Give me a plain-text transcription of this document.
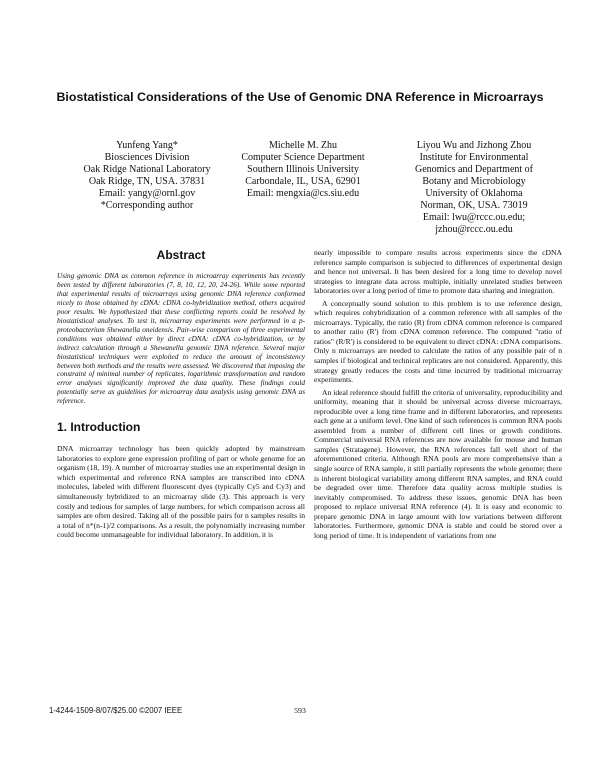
Biostatistical Considerations of the Use of Genomic DNA Reference in Microarrays
Yunfeng Yang*
Biosciences Division
Oak Ridge National Laboratory
Oak Ridge, TN, USA. 37831
Email: yangy@ornl.gov
*Corresponding author
Michelle M. Zhu
Computer Science Department
Southern Illinois University
Carbondale, IL, USA, 62901
Email: mengxia@cs.siu.edu
Liyou Wu and Jizhong Zhou
Institute for Environmental
Genomics and Department of
Botany and Microbiology
University of Oklahoma
Norman, OK, USA. 73019
Email: lwu@rccc.ou.edu;
jzhou@rccc.ou.edu
Abstract

Using genomic DNA as common reference in microarray experiments has recently been tested by different laboratories (7, 8, 10, 12, 20, 24-26). While some reported that experimental results of microarrays using genomic DNA reference conformed nicely to those obtained by cDNA: cDNA co-hybridization method, others acquired poor results. We hypothesized that these conflicting reports could be resolved by biostatistical analyses. To test it, microarray experiments were performed in a p-proteobacterium Shewanella oneidensis. Pair-wise comparison of three experimental conditions was obtained either by direct cDNA: cDNA co-hybridization, or by indirect calculation through a Shewanella genomic DNA reference. Several major biostatistical techniques were exploited to reduce the amount of inconsistency between both methods and the results were assessed. We discovered that imposing the constraint of minimal number of replicates, logarithmic transformation and random error analyses significantly improved the data quality. These findings could potentially serve as guidelines for microarray data analysis using genomic DNA as reference.

1. Introduction

DNA microarray technology has been quickly adopted by mainstream laboratories to explore gene expression profiling of part or whole genome for an organism (18, 19). A number of microarray studies use an experimental design in which experimental and reference RNA samples are transcribed into cDNA molecules, labeled with different fluorescent dyes (typically Cy5 and Cy3) and simultaneously hybridized to an microarray slide (3). This approach is very costly and tedious for samples of large numbers, for which comparison across all samples are often desired. Taking all of the possible pairs for n samples results in a total of n*(n-1)/2 comparisons. As a result, the polynomially increasing number could become unmanageable for individual laboratory. In addition, it is

nearly impossible to compare results across experiments since the cDNA reference sample comparison is subjected to differences of experimental design and hence not universal. It has been desired for a long time to develop novel strategies to integrate data across multiple, initially unrelated studies between laboratories over a long period of time to promote data sharing and integration.

A conceptually sound solution to this problem is to use reference design, which requires cohybridization of a common reference with all samples of the microarrays. Typically, the ratio (R) from cDNA common reference is compared to another ratio (R') from cDNA common reference. The computed "ratio of ratios" (R/R') is considered to be equivalent to direct cDNA: cDNA comparisons. Only n microarrays are needed to calculate the ratios of any possible pair of n samples if biological and technical replicates are not considered. Apparently, this strategy greatly reduces the costs and time incurred by traditional microarray experiments.

An ideal reference should fulfill the criteria of universality, reproducibility and uniformity, meaning that it should be universal across diverse microarrays, reproducible over a long time frame and in different laboratories, and represents each gene at a uniform level. One kind of such references is common RNA pools assembled from a number of different cell lines or growth conditions. Commercial universal RNA references are now available for mouse and human samples (Stratagene). However, the RNA references fall well short of the aforementioned criteria. Although RNA pools are more comprehensive than a single source of RNA sample, it still partially represents the whole genome; there is inherent biological variability among different RNA samples, and RNA could be degraded over time. Therefore data quality across multiple studies is inevitably compromised. To address these issues, genomic DNA has been proposed to replace universal RNA reference (4). It is easy and economic to prepare genomic DNA in large amount with low variations between different laboratories. Furthermore, genomic DNA is stable and could be stored over a long period of time. It is independent of variations from one

1-4244-1509-8/07/$25.00 ©2007 IEEE	593
